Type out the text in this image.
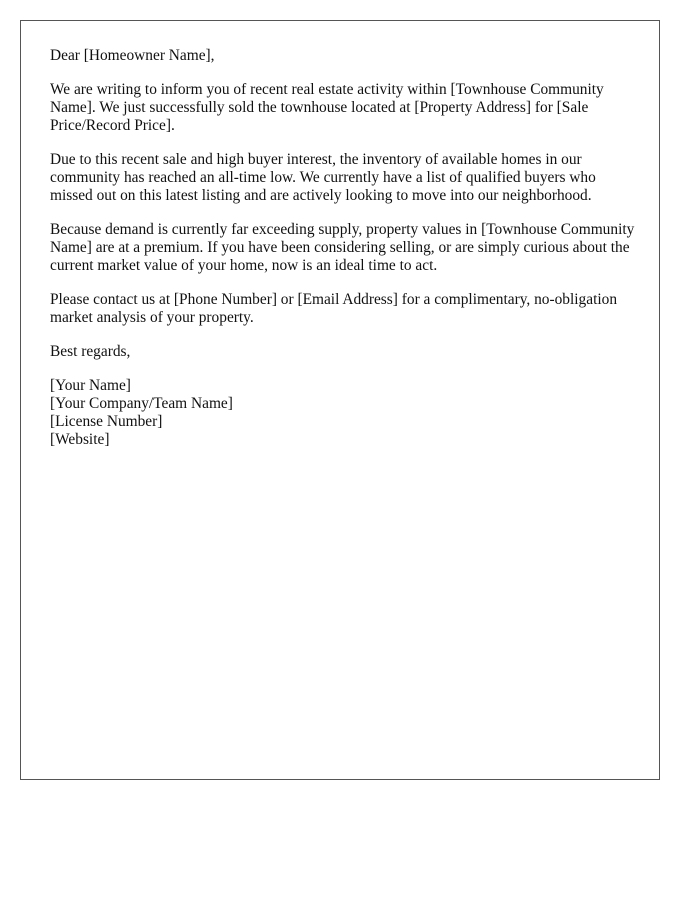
Dear [Homeowner Name],

We are writing to inform you of recent real estate activity within [Townhouse Community Name]. We just successfully sold the townhouse located at [Property Address] for [Sale Price/Record Price].

Due to this recent sale and high buyer interest, the inventory of available homes in our community has reached an all-time low. We currently have a list of qualified buyers who missed out on this latest listing and are actively looking to move into our neighborhood.

Because demand is currently far exceeding supply, property values in [Townhouse Community Name] are at a premium. If you have been considering selling, or are simply curious about the current market value of your home, now is an ideal time to act.

Please contact us at [Phone Number] or [Email Address] for a complimentary, no-obligation market analysis of your property.

Best regards,

[Your Name]
[Your Company/Team Name]
[License Number]
[Website]
